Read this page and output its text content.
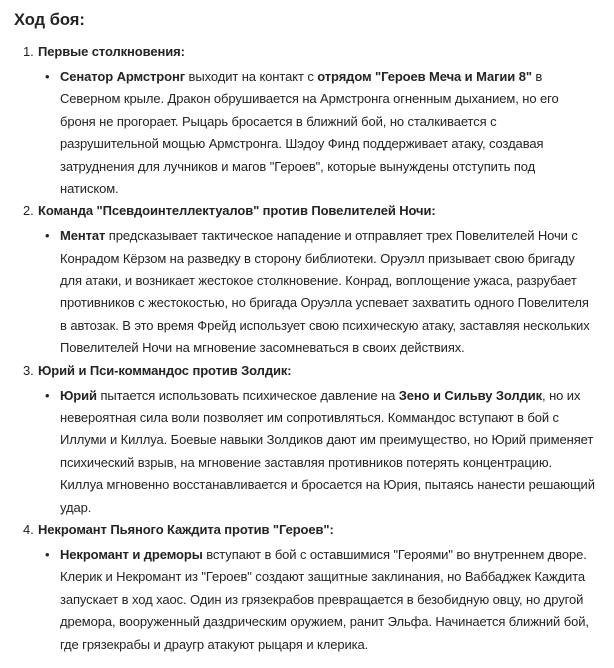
Ход боя:
1. Первые столкновения:
• Сенатор Армстронг выходит на контакт с отрядом "Героев Меча и Магии 8" в Северном крыле. Дракон обрушивается на Армстронга огненным дыханием, но его броня не прогорает. Рыцарь бросается в ближний бой, но сталкивается с разрушительной мощью Армстронга. Шэдоу Финд поддерживает атаку, создавая затруднения для лучников и магов "Героев", которые вынуждены отступить под натиском.

2. Команда "Псевдоинтеллектуалов" против Повелителей Ночи:
• Ментат предсказывает тактическое нападение и отправляет трех Повелителей Ночи с Конрадом Кёрзом на разведку в сторону библиотеки. Оруэлл призывает свою бригаду для атаки, и возникает жестокое столкновение. Конрад, воплощение ужаса, разрубает противников с жестокостью, но бригада Оруэлла успевает захватить одного Повелителя в автозак. В это время Фрейд использует свою психическую атаку, заставляя нескольких Повелителей Ночи на мгновение засомневаться в своих действиях.

3. Юрий и Пси-коммандос против Золдик:
• Юрий пытается использовать психическое давление на Зено и Сильву Золдик, но их невероятная сила воли позволяет им сопротивляться. Коммандос вступают в бой с Иллуми и Киллуа. Боевые навыки Золдиков дают им преимущество, но Юрий применяет психический взрыв, на мгновение заставляя противников потерять концентрацию. Киллуа мгновенно восстанавливается и бросается на Юрия, пытаясь нанести решающий удар.

4. Некромант Пьяного Каждита против "Героев":
• Некромант и дреморы вступают в бой с оставшимися "Героями" во внутреннем дворе. Клерик и Некромант из "Героев" создают защитные заклинания, но Ваббаджек Каждита запускает в ход хаос. Один из грязекрабов превращается в безобидную овцу, но другой дремора, вооруженный даздрическим оружием, ранит Эльфа. Начинается ближний бой, где грязекрабы и драугр атакуют рыцаря и клерика.
